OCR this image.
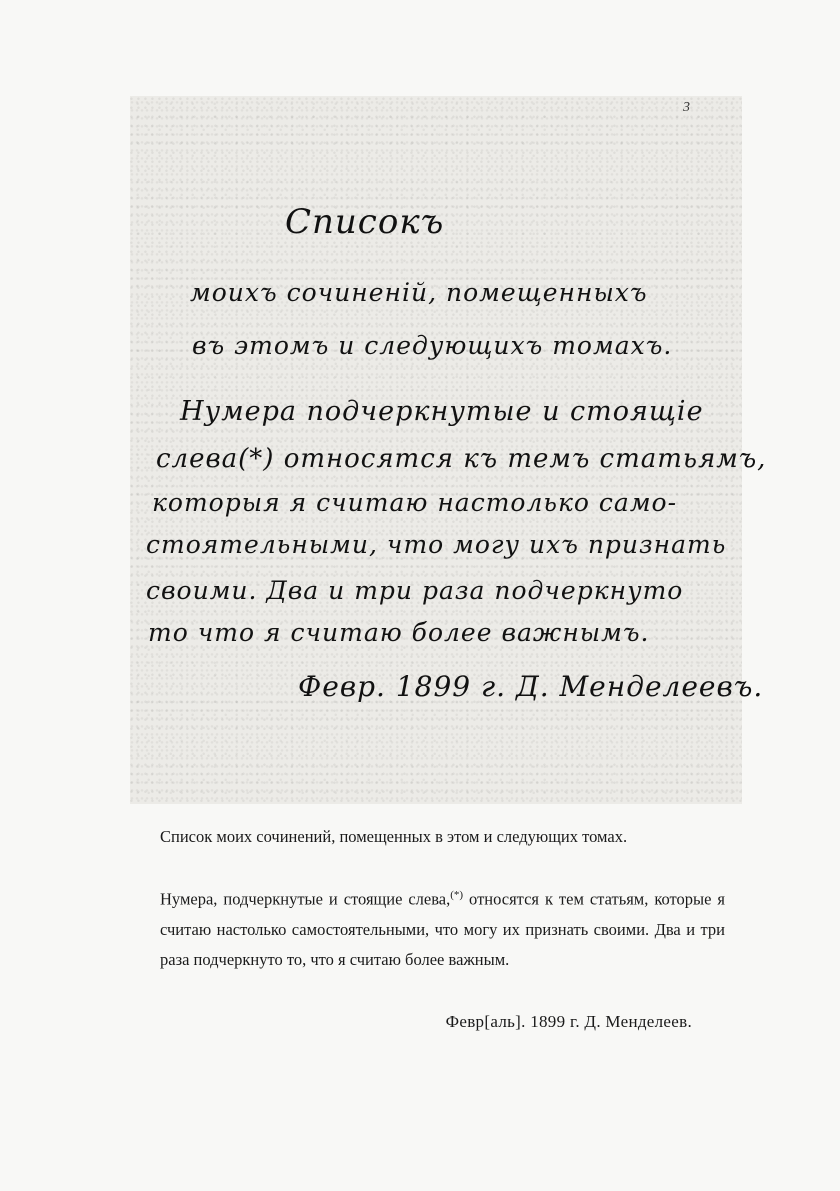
Списокъ
моихъ сочиненiй, помещенныхъ
въ этомъ и следующихъ томахъ.
Нумера подчеркнутые и стоящiе
слева(*) относятся къ темъ статьямъ,
которыя я считаю настолько само-
стоятельными, что могу ихъ признать
своими. Два и три раза подчеркнуто
то что я считаю более важнымъ.
Февр. 1899 г. Д. Менделеевъ.
3
Список моих сочинений, помещенных в этом и следующих томах.
Нумера, подчеркнутые и стоящие слева,(*) относятся к тем статьям, которые я считаю настолько самостоятельными, что могу их признать своими. Два и три раза подчеркнуто то, что я считаю более важным.
Февр[аль]. 1899 г. Д. Менделеев.
